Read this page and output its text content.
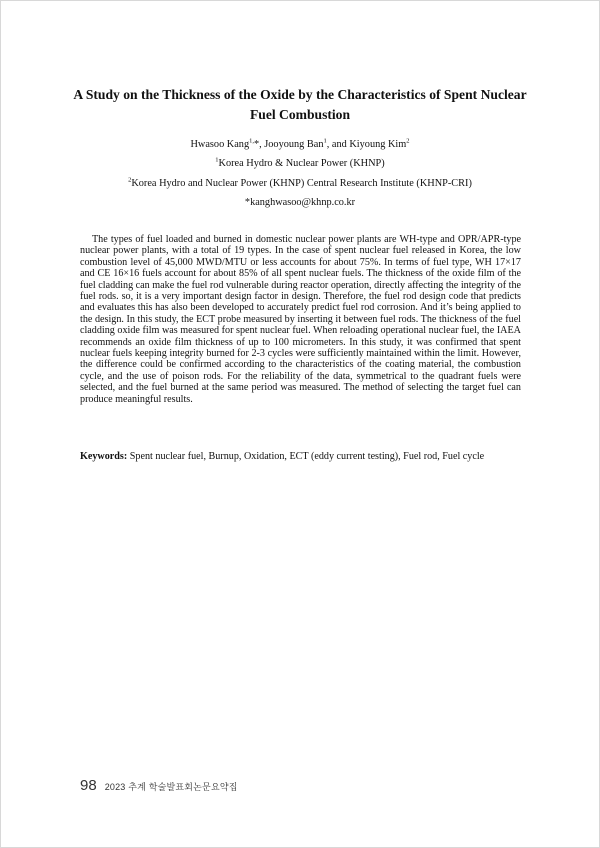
A Study on the Thickness of the Oxide by the Characteristics of Spent Nuclear Fuel Combustion
Hwasoo Kang$^{1,}$*, Jooyoung Ban$^1$, and Kiyoung Kim$^2$
$^1$Korea Hydro & Nuclear Power (KHNP)
$^2$Korea Hydro and Nuclear Power (KHNP) Central Research Institute (KHNP-CRI)
*kanghwasoo@khnp.co.kr

The types of fuel loaded and burned in domestic nuclear power plants are WH-type and OPR/APR-type nuclear power plants, with a total of 19 types. In the case of spent nuclear fuel released in Korea, the low combustion level of 45,000 MWD/MTU or less accounts for about 75%. In terms of fuel type, WH 17×17 and CE 16×16 fuels account for about 85% of all spent nuclear fuels. The thickness of the oxide film of the fuel cladding can make the fuel rod vulnerable during reactor operation, directly affecting the integrity of the fuel rods. so, it is a very important design factor in design. Therefore, the fuel rod design code that predicts and evaluates this has also been developed to accurately predict fuel rod corrosion. And it’s being applied to the design. In this study, the ECT probe measured by inserting it between fuel rods. The thickness of the fuel cladding oxide film was measured for spent nuclear fuel. When reloading operational nuclear fuel, the IAEA recommends an oxide film thickness of up to 100 micrometers. In this study, it was confirmed that spent nuclear fuels keeping integrity burned for 2-3 cycles were sufficiently maintained within the limit. However, the difference could be confirmed according to the characteristics of the coating material, the combustion cycle, and the use of poison rods. For the reliability of the data, symmetrical to the quadrant fuels were selected, and the fuel burned at the same period was measured. The method of selecting the target fuel can produce meaningful results.

Keywords: Spent nuclear fuel, Burnup, Oxidation, ECT (eddy current testing), Fuel rod, Fuel cycle

98 2023 추계 학술발표회논문요약집
